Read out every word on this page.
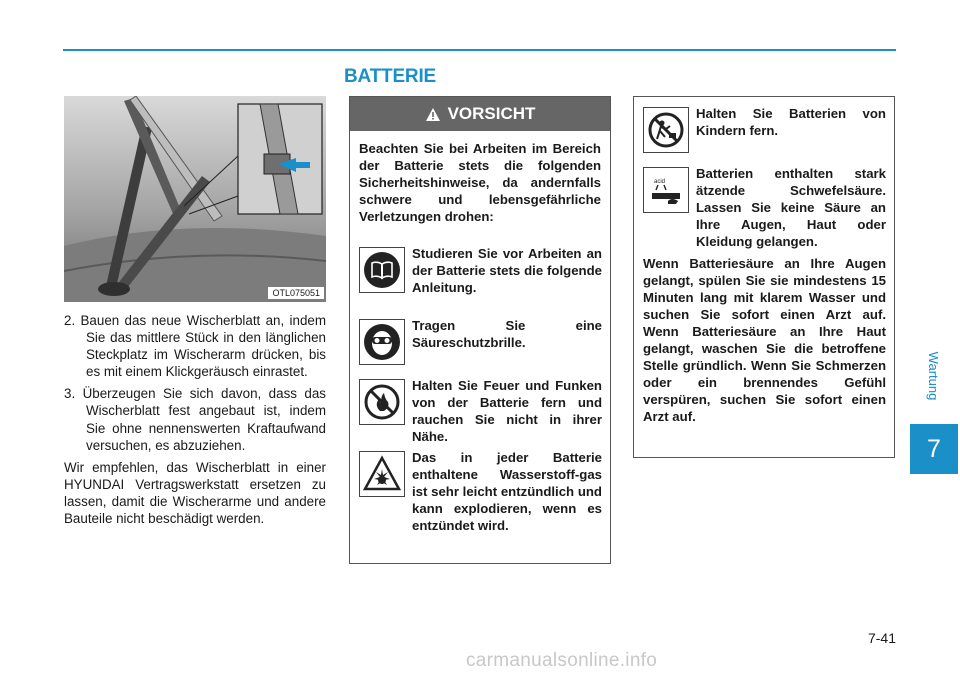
BATTERIE
Wartung
7
OTL075051

2. Bauen das neue Wischerblatt an, indem Sie das mittlere Stück in den länglichen Steckplatz im Wischerarm drücken, bis es mit einem Klickgeräusch einrastet.

3. Überzeugen Sie sich davon, dass das Wischerblatt fest angebaut ist, indem Sie ohne nennenswerten Kraftaufwand versuchen, es abzuziehen.

Wir empfehlen, das Wischerblatt in einer HYUNDAI Vertragswerkstatt ersetzen zu lassen, damit die Wischerarme und andere Bauteile nicht beschädigt werden.

VORSICHT
Beachten Sie bei Arbeiten im Bereich der Batterie stets die folgenden Sicherheitshinweise, da andernfalls schwere und lebensgefährliche Verletzungen drohen:
Studieren Sie vor Arbeiten an der Batterie stets die folgende Anleitung.
Tragen Sie eine Säureschutzbrille.
Halten Sie Feuer und Funken von der Batterie fern und rauchen Sie nicht in ihrer Nähe.
Das in jeder Batterie enthaltene Wasserstoff-gas ist sehr leicht entzündlich und kann explodieren, wenn es entzündet wird.
Halten Sie Batterien von Kindern fern.
acid
Batterien enthalten stark ätzende Schwefelsäure. Lassen Sie keine Säure an Ihre Augen, Haut oder Kleidung gelangen.
Wenn Batteriesäure an Ihre Augen gelangt, spülen Sie sie mindestens 15 Minuten lang mit klarem Wasser und suchen Sie sofort einen Arzt auf. Wenn Batteriesäure an Ihre Haut gelangt, waschen Sie die betroffene Stelle gründlich. Wenn Sie Schmerzen oder ein brennendes Gefühl verspüren, suchen Sie sofort einen Arzt auf.
7-41
carmanualsonline.info
